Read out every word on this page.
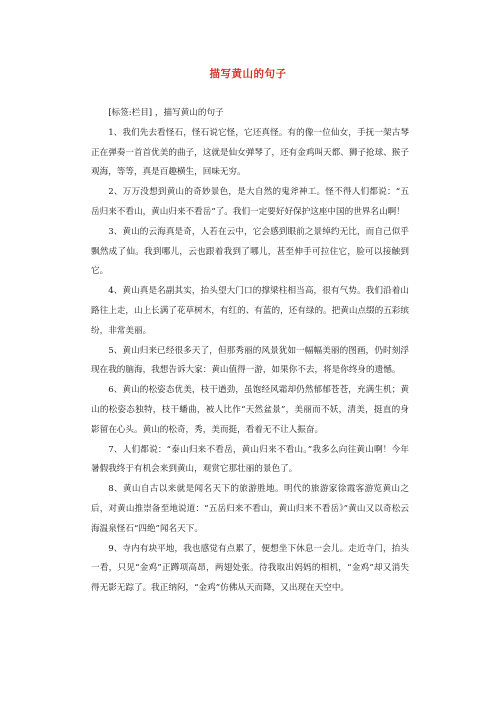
描写黄山的句子

[标签:栏目] ，描写黄山的句子

1、我们先去看怪石，怪石说它怪，它还真怪。有的像一位仙女，手抚一架古琴正在弹奏一首首优美的曲子，这就是仙女弹琴了，还有金鸡叫天都、狮子抢球、猴子观海，等等，真是百趣横生，回味无穷。

2、万万没想到黄山的奇妙景色，是大自然的鬼斧神工。怪不得人们都说：“五岳归来不看山，黄山归来不看岳”了。我们一定要好好保护这座中国的世界名山啊！

3、黄山的云海真是奇，人若在云中，它会感到眼前之景绰约无比，而自己似乎飘然成了仙。我到哪儿，云也跟着我到了哪儿，甚至伸手可拉住它，脸可以接触到它。

4、黄山真是名副其实，抬头望大门口的撑梁柱相当高，很有气势。我们沿着山路往上走，山上长满了花草树木，有红的、有蓝的，还有绿的。把黄山点缀的五彩缤纷，非常美丽。

5、黄山归来已经很多天了，但那秀丽的风景犹如一幅幅美丽的图画，仍时刻浮现在我的脑海，我想告诉大家：黄山值得一游，如果你不去，将是你终身的遗憾。

6、黄山的松姿态优美，枝干遒劲，虽饱经风霜却仍然郁郁苍苍，充满生机；黄山的松姿态独特，枝干蟠曲，被人比作“天然盆景”，美丽而不妖，清美，挺直的身影留在心头。黄山的松奇，秀，美而挺，看着无不让人振奋。

7、人们都说：“泰山归来不看岳，黄山归来不看山。”我多么向往黄山啊！今年暑假我终于有机会来到黄山，观赏它那壮丽的景色了。

8、黄山自古以来就是闻名天下的旅游胜地。明代的旅游家徐霞客游览黄山之后，对黄山推崇备至地说道：“五岳归来不看山，黄山归来不看岳》”黄山又以奇松云海温泉怪石“四绝”闻名天下。

9、寺内有块平地，我也感觉有点累了，便想坐下休息一会儿。走近寺门，抬头一看，只见“金鸡”正蹲项高昂，两翅处张。待我取出妈妈的相机，“金鸡”却又消失得无影无踪了。我正纳闷，“金鸡”仿佛从天而降，又出现在天空中。
